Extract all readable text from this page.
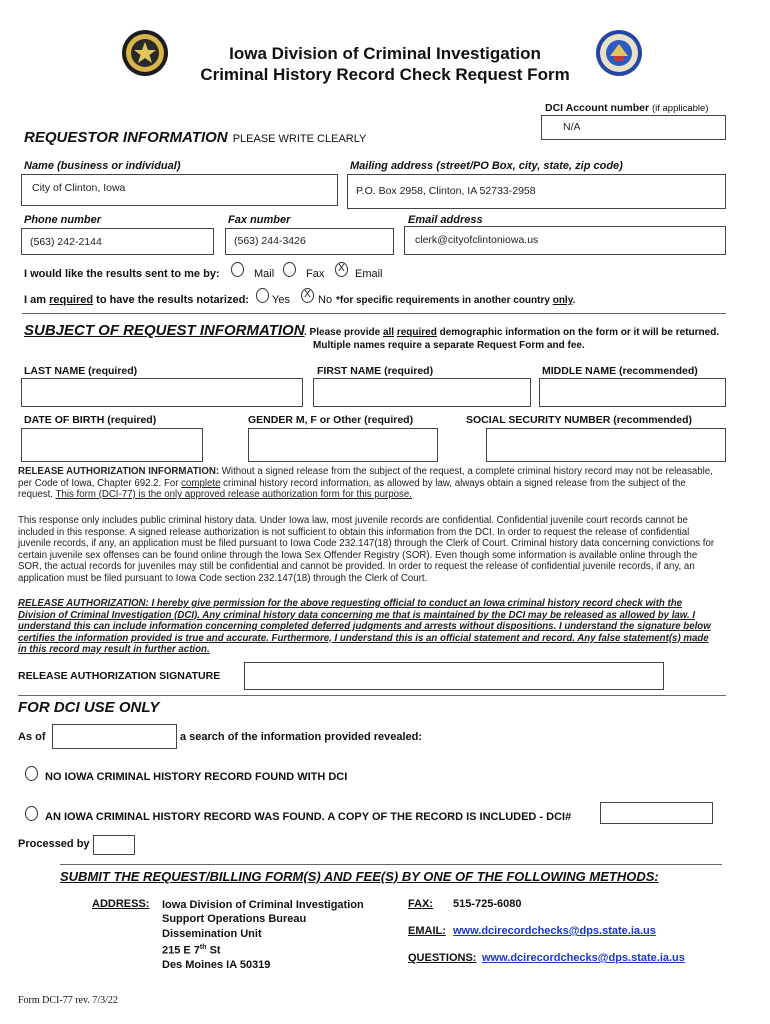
Iowa Division of Criminal Investigation
Criminal History Record Check Request Form
DCI Account number (if applicable)
N/A
REQUESTOR INFORMATION PLEASE WRITE CLEARLY
Name (business or individual)	Mailing address (street/PO Box, city, state, zip code)
City of Clinton, Iowa	P.O. Box 2958, Clinton, IA 52733-2958
Phone number	Fax number	Email address
(563) 242-2144	(563) 244-3426	clerk@cityofclintoniowa.us
I would like the results sent to me by:	Mail	Fax	X Email
I am required to have the results notarized: Yes	X No *for specific requirements in another country only.
SUBJECT OF REQUEST INFORMATION . Please provide all required demographic information on the form or it will be returned.
Multiple names require a separate Request Form and fee.
LAST NAME (required)	FIRST NAME (required)	MIDDLE NAME (recommended)
DATE OF BIRTH (required)	GENDER M, F or Other (required)	SOCIAL SECURITY NUMBER (recommended)
RELEASE AUTHORIZATION INFORMATION: Without a signed release from the subject of the request, a complete criminal history record may not be releasable, per Code of Iowa, Chapter 692.2. For complete criminal history record information, as allowed by law, always obtain a signed release from the subject of the request. This form (DCI-77) is the only approved release authorization form for this purpose.
This response only includes public criminal history data. Under Iowa law, most juvenile records are confidential. Confidential juvenile court records cannot be included in this response. A signed release authorization is not sufficient to obtain this information from the DCI. In order to request the release of confidential juvenile records, if any, an application must be filed pursuant to Iowa Code 232.147(18) through the Clerk of Court. Criminal history data concerning convictions for certain juvenile sex offenses can be found online through the Iowa Sex Offender Registry (SOR). Even though some information is available online through the SOR, the actual records for juveniles may still be confidential and cannot be provided. In order to request the release of confidential juvenile records, if any, an application must be filed pursuant to Iowa Code section 232.147(18) through the Clerk of Court.
RELEASE AUTHORIZATION: I hereby give permission for the above requesting official to conduct an Iowa criminal history record check with the Division of Criminal Investigation (DCI). Any criminal history data concerning me that is maintained by the DCI may be released as allowed by law. I understand this can include information concerning completed deferred judgments and arrests without dispositions. I understand the signature below certifies the information provided is true and accurate. Furthermore, I understand this is an official statement and record. Any false statement(s) made in this record may result in further action.
RELEASE AUTHORIZATION SIGNATURE
FOR DCI USE ONLY
As of	a search of the information provided revealed:
NO IOWA CRIMINAL HISTORY RECORD FOUND WITH DCI
AN IOWA CRIMINAL HISTORY RECORD WAS FOUND. A COPY OF THE RECORD IS INCLUDED - DCI#
Processed by
SUBMIT THE REQUEST/BILLING FORM(S) AND FEE(S) BY ONE OF THE FOLLOWING METHODS:
ADDRESS: Iowa Division of Criminal Investigation
Support Operations Bureau
Dissemination Unit
215 E 7th St
Des Moines IA 50319
FAX: 515-725-6080
EMAIL: www.dcirecordchecks@dps.state.ia.us
QUESTIONS: www.dcirecordchecks@dps.state.ia.us
Form DCI-77 rev. 7/3/22
